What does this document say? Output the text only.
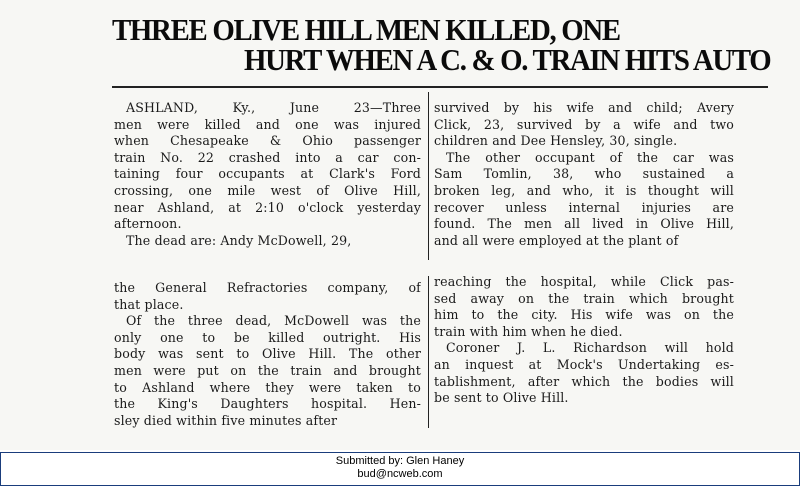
THREE OLIVE HILL MEN KILLED, ONE
HURT WHEN A C. & O. TRAIN HITS AUTO

ASHLAND, Ky., June 23—Three
men were killed and one was injured
when Chesapeake & Ohio passenger
train No. 22 crashed into a car con-
taining four occupants at Clark's Ford
crossing, one mile west of Olive Hill,
near Ashland, at 2:10 o'clock yesterday
afternoon.
The dead are: Andy McDowell, 29,

survived by his wife and child; Avery
Click, 23, survived by a wife and two
children and Dee Hensley, 30, single.
The other occupant of the car was
Sam Tomlin, 38, who sustained a
broken leg, and who, it is thought will
recover unless internal injuries are
found. The men all lived in Olive Hill,
and all were employed at the plant of

the General Refractories company, of
that place.
Of the three dead, McDowell was the
only one to be killed outright. His
body was sent to Olive Hill. The other
men were put on the train and brought
to Ashland where they were taken to
the King's Daughters hospital. Hen-
sley died within five minutes after

reaching the hospital, while Click pas-
sed away on the train which brought
him to the city. His wife was on the
train with him when he died.
Coroner J. L. Richardson will hold
an inquest at Mock's Undertaking es-
tablishment, after which the bodies will
be sent to Olive Hill.

Submitted by: Glen Haney
bud@ncweb.com
